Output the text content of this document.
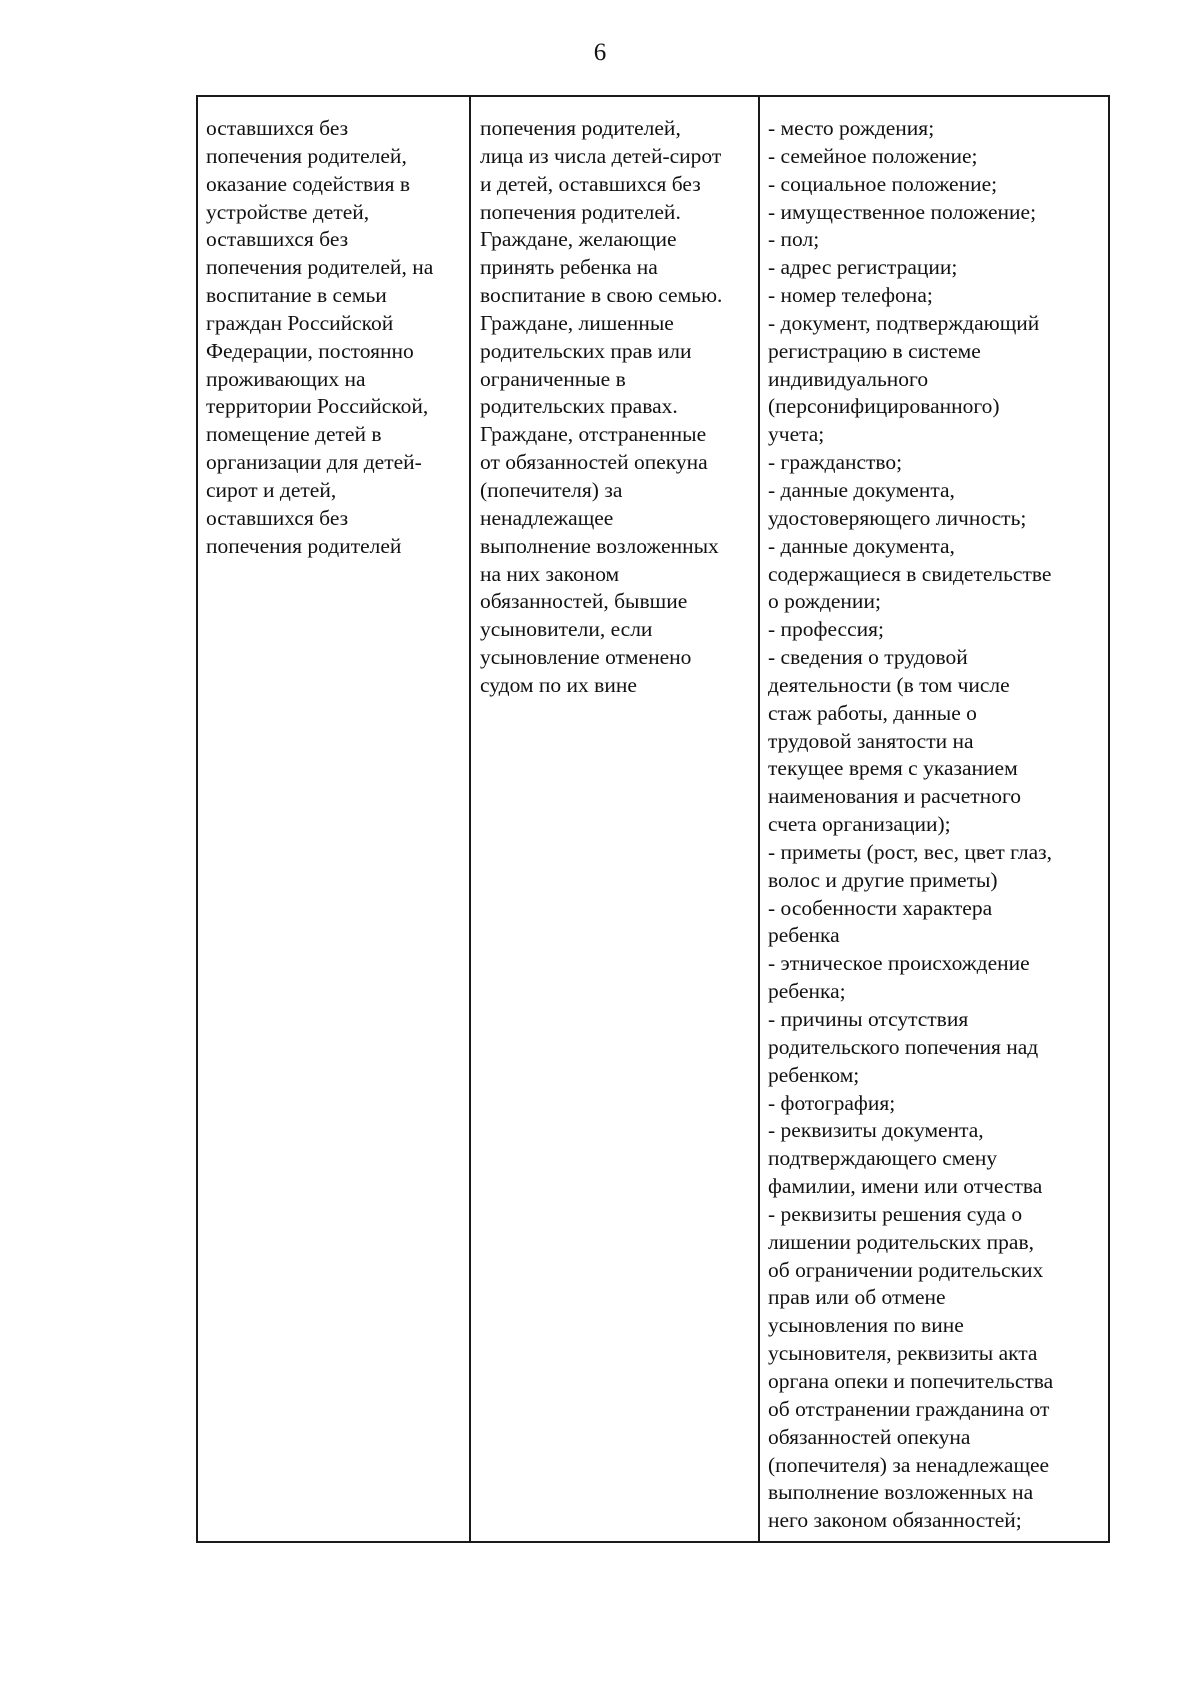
6
оставшихся без
попечения родителей,
оказание содействия в
устройстве детей,
оставшихся без
попечения родителей, на
воспитание в семьи
граждан Российской
Федерации, постоянно
проживающих на
территории Российской,
помещение детей в
организации для детей-
сирот и детей,
оставшихся без
попечения родителей
попечения родителей,
лица из числа детей-сирот
и детей, оставшихся без
попечения родителей.
Граждане, желающие
принять ребенка на
воспитание в свою семью.
Граждане, лишенные
родительских прав или
ограниченные в
родительских правах.
Граждане, отстраненные
от обязанностей опекуна
(попечителя) за
ненадлежащее
выполнение возложенных
на них законом
обязанностей, бывшие
усыновители, если
усыновление отменено
судом по их вине
- место рождения;
- семейное положение;
- социальное положение;
- имущественное положение;
- пол;
- адрес регистрации;
- номер телефона;
- документ, подтверждающий
регистрацию в системе
индивидуального
(персонифицированного)
учета;
- гражданство;
- данные документа,
удостоверяющего личность;
- данные документа,
содержащиеся в свидетельстве
о рождении;
- профессия;
- сведения о трудовой
деятельности (в том числе
стаж работы, данные о
трудовой занятости на
текущее время с указанием
наименования и расчетного
счета организации);
- приметы (рост, вес, цвет глаз,
волос и другие приметы)
- особенности характера
ребенка
- этническое происхождение
ребенка;
- причины отсутствия
родительского попечения над
ребенком;
- фотография;
- реквизиты документа,
подтверждающего смену
фамилии, имени или отчества
- реквизиты решения суда о
лишении родительских прав,
об ограничении родительских
прав или об отмене
усыновления по вине
усыновителя, реквизиты акта
органа опеки и попечительства
об отстранении гражданина от
обязанностей опекуна
(попечителя) за ненадлежащее
выполнение возложенных на
него законом обязанностей;
